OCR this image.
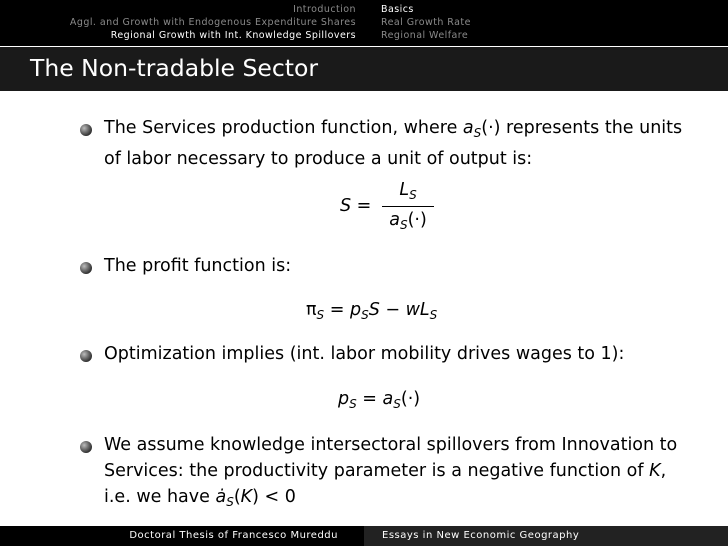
Introduction
Aggl. and Growth with Endogenous Expenditure Shares
Regional Growth with Int. Knowledge Spillovers
Basics
Real Growth Rate
Regional Welfare
The Non-tradable Sector
The Services production function, where $a_S(\cdot)$ represents the units of labor necessary to produce a unit of output is:
S =
$L_S$
$a_S(\cdot)$
The profit function is:
$\pi_S = p_SS - wL_S$
Optimization implies (int. labor mobility drives wages to 1):
$p_S = a_S(\cdot)$
We assume knowledge intersectoral spillovers from Innovation to Services: the productivity parameter is a negative function of K, i.e. we have $ȧ_S(K) < 0$
Doctoral Thesis of Francesco Mureddu	Essays in New Economic Geography
